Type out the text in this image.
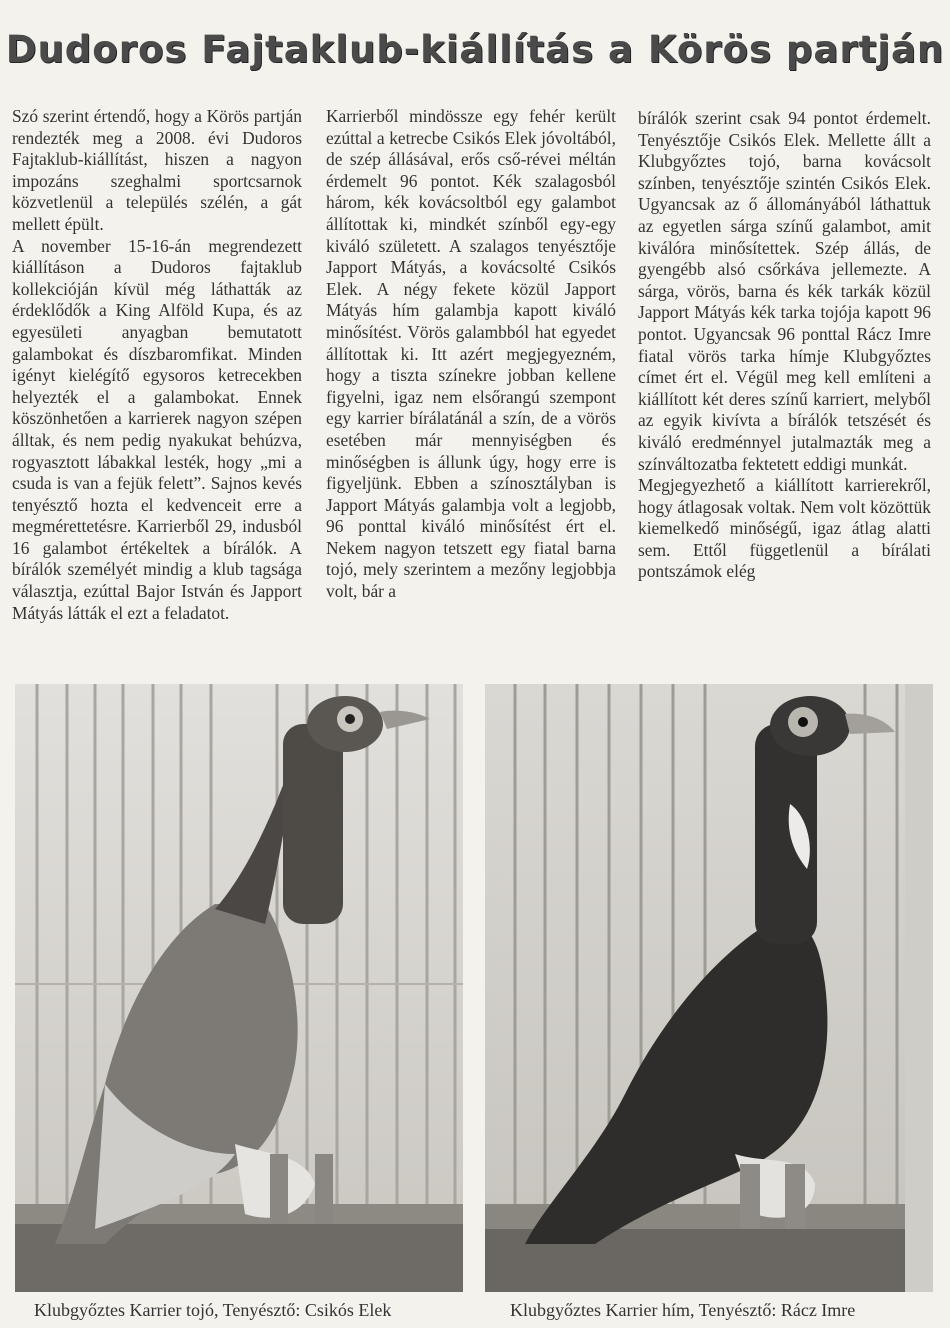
Dudoros Fajtaklub-kiállítás a Körös partján

Szó szerint értendő, hogy a Körös partján rendezték meg a 2008. évi Dudoros Fajtaklub-kiállítást, hiszen a nagyon impozáns szeghalmi sportcsarnok közvetlenül a település szélén, a gát mellett épült.

A november 15-16-án megrendezett kiállításon a Dudoros fajtaklub kollekcióján kívül még láthatták az érdeklődők a King Alföld Kupa, és az egyesületi anyagban bemutatott galambokat és díszbaromfikat. Minden igényt kielégítő egysoros ketrecekben helyezték el a galambokat. Ennek köszönhetően a karrierek nagyon szépen álltak, és nem pedig nyakukat behúzva, rogyasztott lábakkal lesték, hogy „mi a csuda is van a fejük felett”. Sajnos kevés tenyésztő hozta el kedvenceit erre a megmérettetésre. Karrierből 29, indusból 16 galambot értékeltek a bírálók. A bírálók személyét mindig a klub tagsága választja, ezúttal Bajor István és Japport Mátyás látták el ezt a feladatot.

Karrierből mindössze egy fehér került ezúttal a ketrecbe Csikós Elek jóvoltából, de szép állásával, erős cső-révei méltán érdemelt 96 pontot. Kék szalagosból három, kék kovácsoltból egy galambot állítottak ki, mindkét színből egy-egy kiváló született. A szalagos tenyésztője Japport Mátyás, a kovácsolté Csikós Elek. A négy fekete közül Japport Mátyás hím galambja kapott kiváló minősítést. Vörös galambból hat egyedet állítottak ki. Itt azért megjegyezném, hogy a tiszta színekre jobban kellene figyelni, igaz nem elsőrangú szempont egy karrier bírálatánál a szín, de a vörös esetében már mennyiségben és minőségben is állunk úgy, hogy erre is figyeljünk. Ebben a színosztályban is Japport Mátyás galambja volt a legjobb, 96 ponttal kiváló minősítést ért el. Nekem nagyon tetszett egy fiatal barna tojó, mely szerintem a mezőny legjobbja volt, bár a

bírálók szerint csak 94 pontot érdemelt. Tenyésztője Csikós Elek. Mellette állt a Klubgyőztes tojó, barna kovácsolt színben, tenyésztője szintén Csikós Elek. Ugyancsak az ő állományából láthattuk az egyetlen sárga színű galambot, amit kiválóra minősítettek. Szép állás, de gyengébb alsó csőrkáva jellemezte. A sárga, vörös, barna és kék tarkák közül Japport Mátyás kék tarka tojója kapott 96 pontot. Ugyancsak 96 ponttal Rácz Imre fiatal vörös tarka hímje Klubgyőztes címet ért el. Végül meg kell említeni a kiállított két deres színű karriert, melyből az egyik kivívta a bírálók tetszését és kiváló eredménnyel jutalmazták meg a színváltozatba fektetett eddigi munkát.

Megjegyezhető a kiállított karrierekről, hogy átlagosak voltak. Nem volt közöttük kiemelkedő minőségű, igaz átlag alatti sem. Ettől függetlenül a bírálati pontszámok elég

Klubgyőztes Karrier tojó, Tenyésztő: Csikós Elek	Klubgyőztes Karrier hím, Tenyésztő: Rácz Imre
